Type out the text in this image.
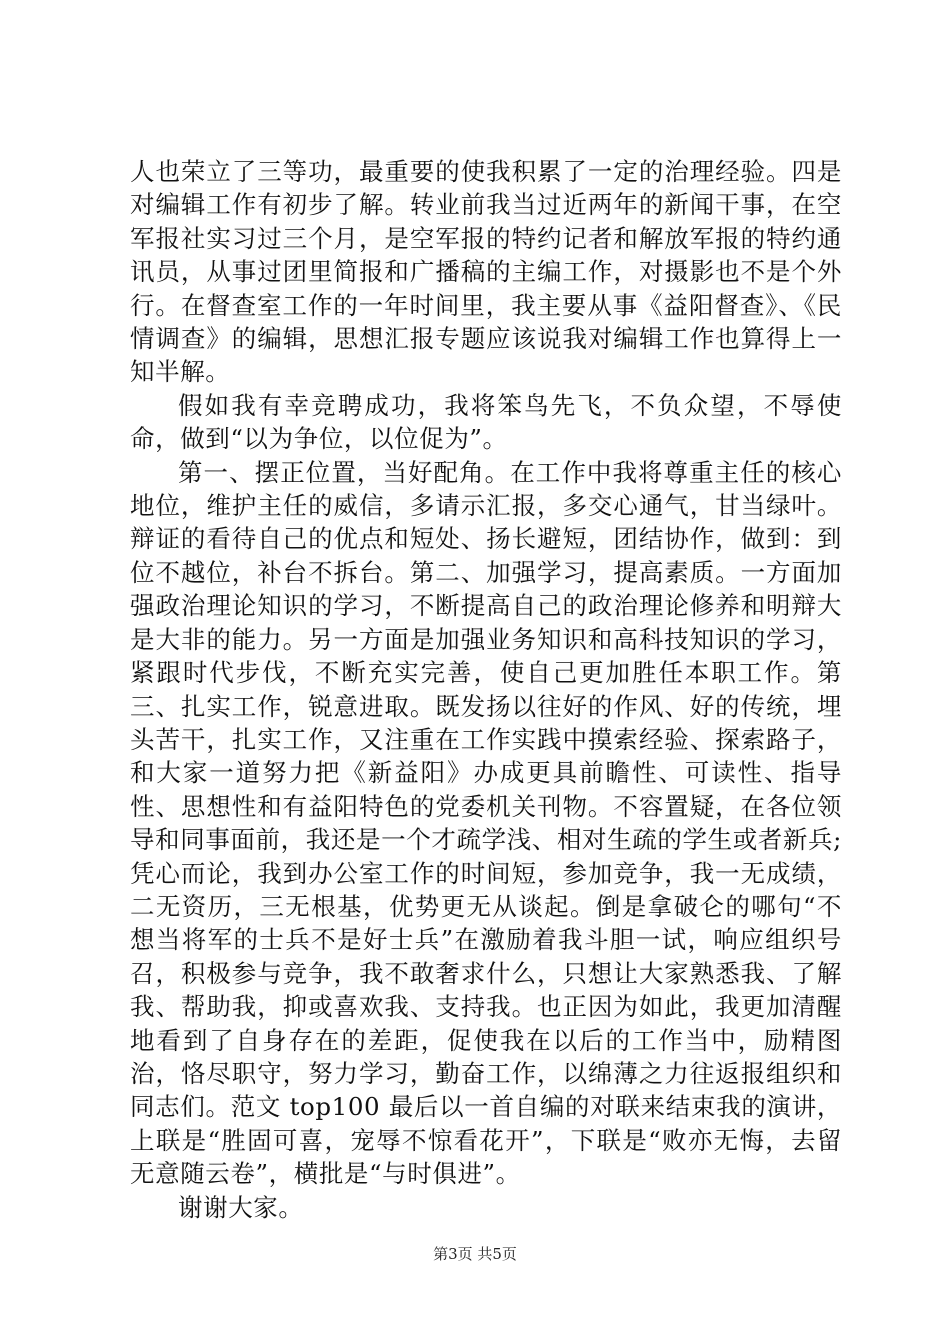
人也荣立了三等功，最重要的使我积累了一定的治理经验。四是对编辑工作有初步了解。转业前我当过近两年的新闻干事，在空军报社实习过三个月，是空军报的特约记者和解放军报的特约通讯员，从事过团里简报和广播稿的主编工作，对摄影也不是个外行。在督查室工作的一年时间里，我主要从事《益阳督查》、《民情调查》的编辑，思想汇报专题应该说我对编辑工作也算得上一知半解。

假如我有幸竞聘成功，我将笨鸟先飞，不负众望，不辱使命，做到“以为争位，以位促为”。

第一、摆正位置，当好配角。在工作中我将尊重主任的核心地位，维护主任的威信，多请示汇报，多交心通气，甘当绿叶。辩证的看待自己的优点和短处、扬长避短，团结协作，做到：到位不越位，补台不拆台。第二、加强学习，提高素质。一方面加强政治理论知识的学习，不断提高自己的政治理论修养和明辩大是大非的能力。另一方面是加强业务知识和高科技知识的学习，紧跟时代步伐，不断充实完善，使自己更加胜任本职工作。第三、扎实工作，锐意进取。既发扬以往好的作风、好的传统，埋头苦干，扎实工作，又注重在工作实践中摸索经验、探索路子，和大家一道努力把《新益阳》办成更具前瞻性、可读性、指导性、思想性和有益阳特色的党委机关刊物。不容置疑，在各位领导和同事面前，我还是一个才疏学浅、相对生疏的学生或者新兵;凭心而论，我到办公室工作的时间短，参加竞争，我一无成绩，二无资历，三无根基，优势更无从谈起。倒是拿破仑的哪句“不想当将军的士兵不是好士兵”在激励着我斗胆一试，响应组织号召，积极参与竞争，我不敢奢求什么，只想让大家熟悉我、了解我、帮助我，抑或喜欢我、支持我。也正因为如此，我更加清醒地看到了自身存在的差距，促使我在以后的工作当中，励精图治，恪尽职守，努力学习，勤奋工作，以绵薄之力往返报组织和同志们。范文 top100 最后以一首自编的对联来结束我的演讲，上联是“胜固可喜，宠辱不惊看花开”，下联是“败亦无悔，去留无意随云卷”，横批是“与时俱进”。

谢谢大家。

第3页 共5页
